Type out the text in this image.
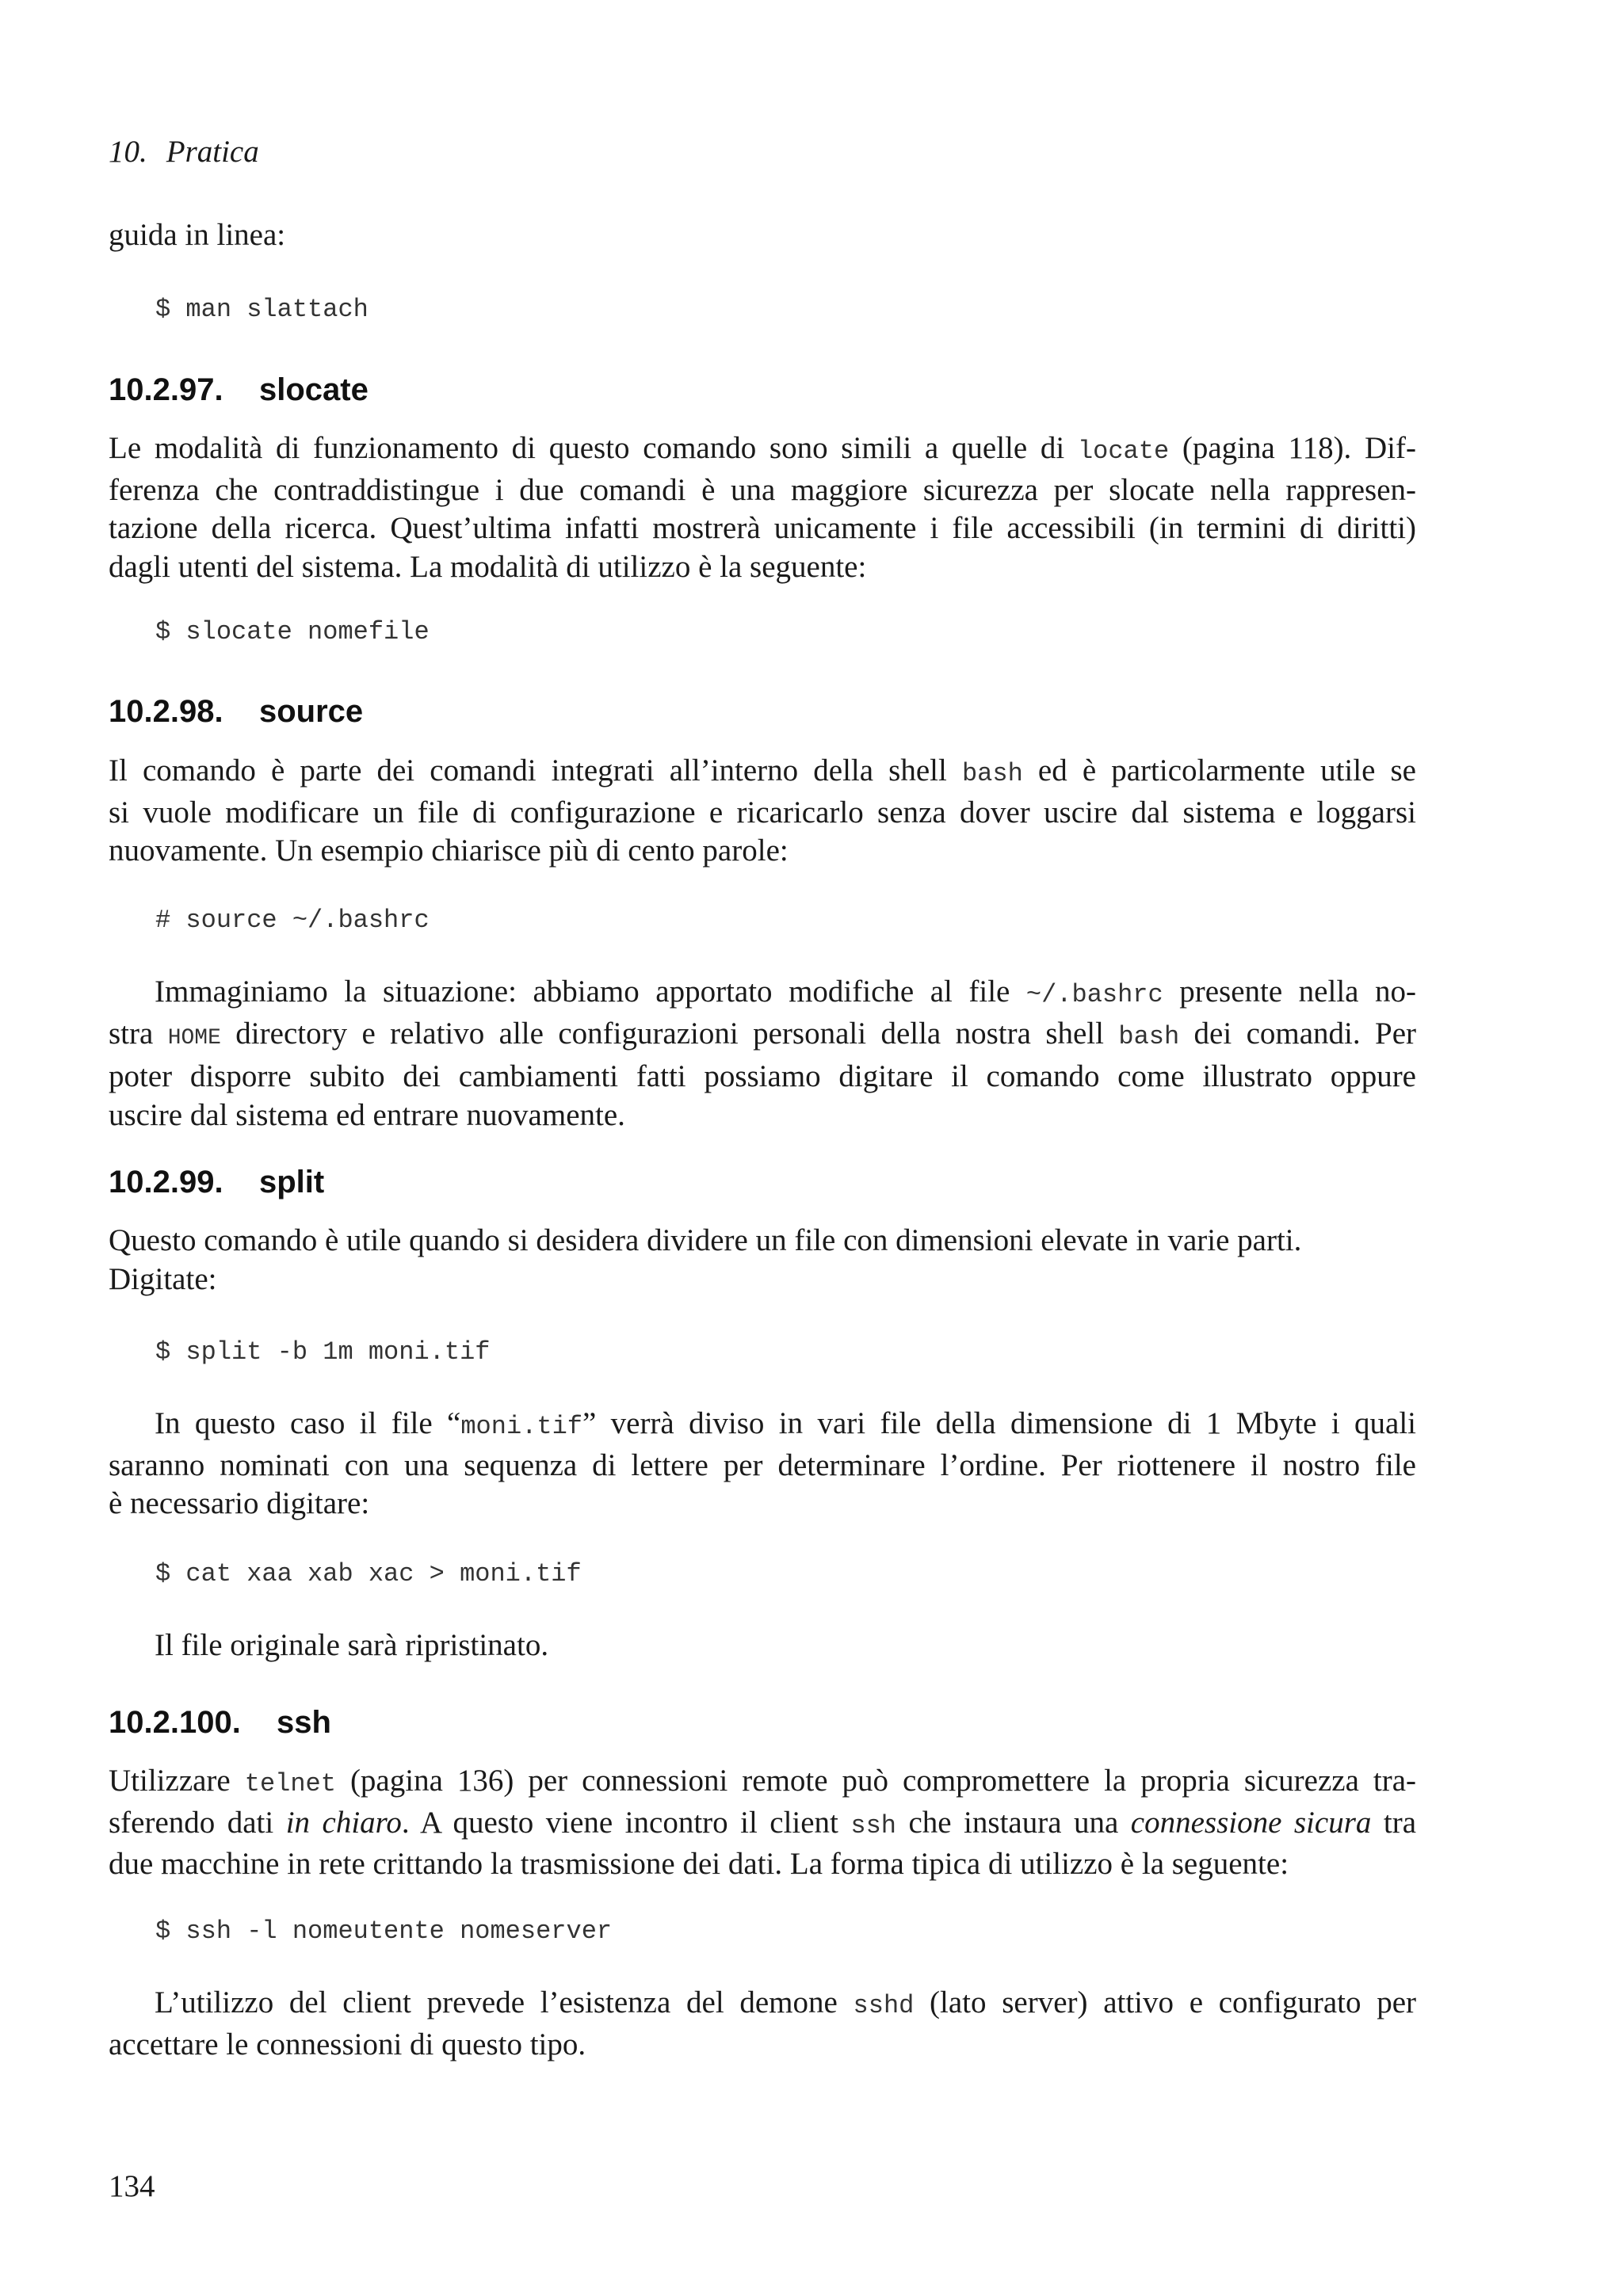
10. Pratica
guida in linea:
$ man slattach
10.2.97. slocate
Le modalità di funzionamento di questo comando sono simili a quelle di locate (pagina 118). Dif-
ferenza che contraddistingue i due comandi è una maggiore sicurezza per slocate nella rappresen-
tazione della ricerca. Quest’ultima infatti mostrerà unicamente i file accessibili (in termini di diritti)
dagli utenti del sistema. La modalità di utilizzo è la seguente:
$ slocate nomefile
10.2.98. source
Il comando è parte dei comandi integrati all’interno della shell bash ed è particolarmente utile se
si vuole modificare un file di configurazione e ricaricarlo senza dover uscire dal sistema e loggarsi
nuovamente. Un esempio chiarisce più di cento parole:
# source ~/.bashrc
Immaginiamo la situazione: abbiamo apportato modifiche al file ~/.bashrc presente nella no-
stra HOME directory e relativo alle configurazioni personali della nostra shell bash dei comandi. Per
poter disporre subito dei cambiamenti fatti possiamo digitare il comando come illustrato oppure
uscire dal sistema ed entrare nuovamente.
10.2.99. split
Questo comando è utile quando si desidera dividere un file con dimensioni elevate in varie parti.
Digitate:
$ split -b 1m moni.tif
In questo caso il file “moni.tif” verrà diviso in vari file della dimensione di 1 Mbyte i quali
saranno nominati con una sequenza di lettere per determinare l’ordine. Per riottenere il nostro file
è necessario digitare:
$ cat xaa xab xac > moni.tif
Il file originale sarà ripristinato.
10.2.100. ssh
Utilizzare telnet (pagina 136) per connessioni remote può compromettere la propria sicurezza tra-
sferendo dati in chiaro. A questo viene incontro il client ssh che instaura una connessione sicura tra
due macchine in rete crittando la trasmissione dei dati. La forma tipica di utilizzo è la seguente:
$ ssh -l nomeutente nomeserver
L’utilizzo del client prevede l’esistenza del demone sshd (lato server) attivo e configurato per
accettare le connessioni di questo tipo.
134
